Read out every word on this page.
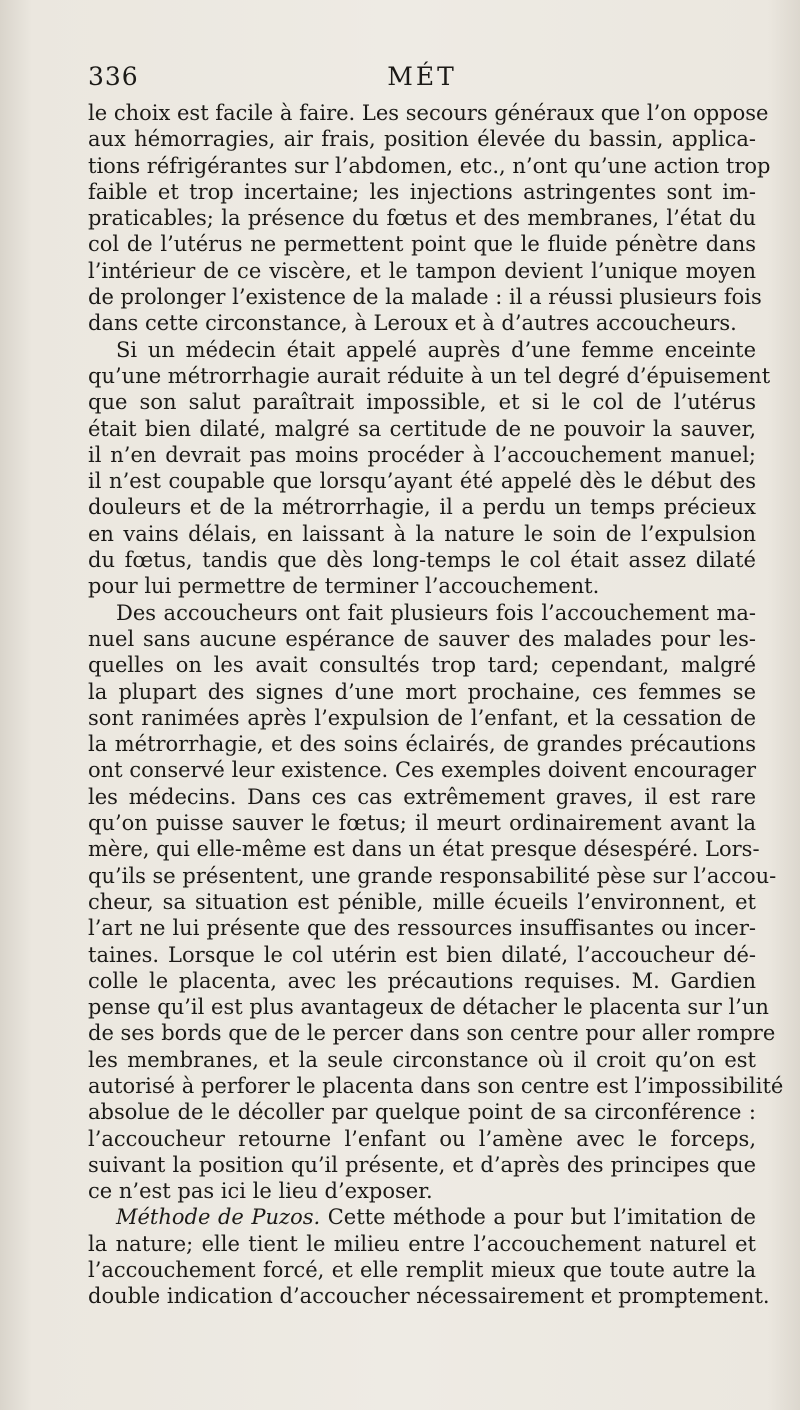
336	MÉT
le choix est facile à faire. Les secours généraux que l’on oppose
aux hémorragies, air frais, position élevée du bassin, applica-
tions réfrigérantes sur l’abdomen, etc., n’ont qu’une action trop
faible et trop incertaine; les injections astringentes sont im-
praticables; la présence du fœtus et des membranes, l’état du
col de l’utérus ne permettent point que le fluide pénètre dans
l’intérieur de ce viscère, et le tampon devient l’unique moyen
de prolonger l’existence de la malade : il a réussi plusieurs fois
dans cette circonstance, à Leroux et à d’autres accoucheurs.
Si un médecin était appelé auprès d’une femme enceinte
qu’une métrorrhagie aurait réduite à un tel degré d’épuisement
que son salut paraîtrait impossible, et si le col de l’utérus
était bien dilaté, malgré sa certitude de ne pouvoir la sauver,
il n’en devrait pas moins procéder à l’accouchement manuel;
il n’est coupable que lorsqu’ayant été appelé dès le début des
douleurs et de la métrorrhagie, il a perdu un temps précieux
en vains délais, en laissant à la nature le soin de l’expulsion
du fœtus, tandis que dès long-temps le col était assez dilaté
pour lui permettre de terminer l’accouchement.
Des accoucheurs ont fait plusieurs fois l’accouchement ma-
nuel sans aucune espérance de sauver des malades pour les-
quelles on les avait consultés trop tard; cependant, malgré
la plupart des signes d’une mort prochaine, ces femmes se
sont ranimées après l’expulsion de l’enfant, et la cessation de
la métrorrhagie, et des soins éclairés, de grandes précautions
ont conservé leur existence. Ces exemples doivent encourager
les médecins. Dans ces cas extrêmement graves, il est rare
qu’on puisse sauver le fœtus; il meurt ordinairement avant la
mère, qui elle-même est dans un état presque désespéré. Lors-
qu’ils se présentent, une grande responsabilité pèse sur l’accou-
cheur, sa situation est pénible, mille écueils l’environnent, et
l’art ne lui présente que des ressources insuffisantes ou incer-
taines. Lorsque le col utérin est bien dilaté, l’accoucheur dé-
colle le placenta, avec les précautions requises. M. Gardien
pense qu’il est plus avantageux de détacher le placenta sur l’un
de ses bords que de le percer dans son centre pour aller rompre
les membranes, et la seule circonstance où il croit qu’on est
autorisé à perforer le placenta dans son centre est l’impossibilité
absolue de le décoller par quelque point de sa circonférence :
l’accoucheur retourne l’enfant ou l’amène avec le forceps,
suivant la position qu’il présente, et d’après des principes que
ce n’est pas ici le lieu d’exposer.
Méthode de Puzos. Cette méthode a pour but l’imitation de
la nature; elle tient le milieu entre l’accouchement naturel et
l’accouchement forcé, et elle remplit mieux que toute autre la
double indication d’accoucher nécessairement et promptement.
